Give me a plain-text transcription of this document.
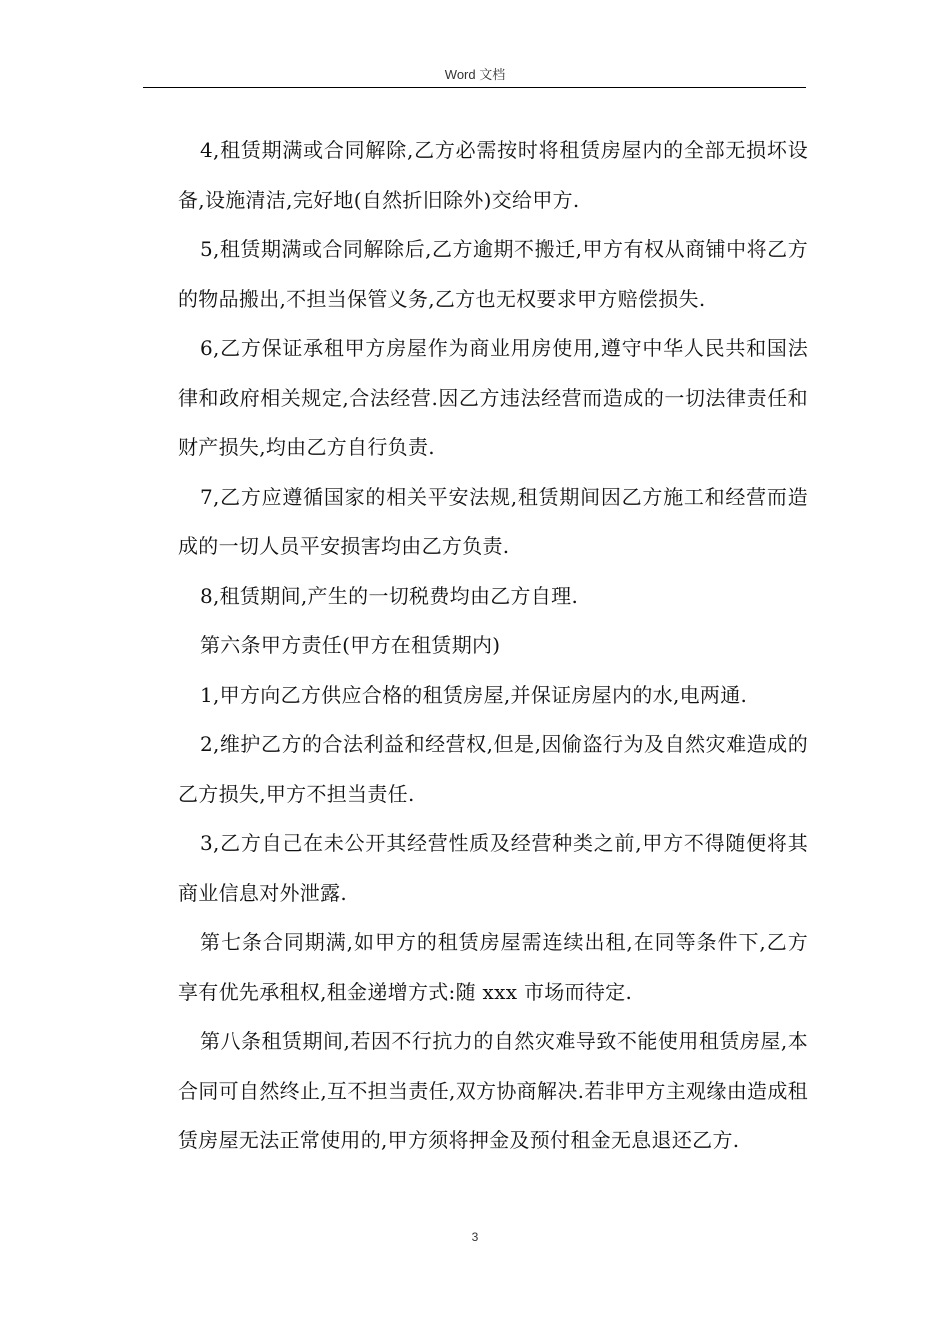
Word 文档

4,租赁期满或合同解除,乙方必需按时将租赁房屋内的全部无损坏设备,设施清洁,完好地(自然折旧除外)交给甲方.

5,租赁期满或合同解除后,乙方逾期不搬迁,甲方有权从商铺中将乙方的物品搬出,不担当保管义务,乙方也无权要求甲方赔偿损失.

6,乙方保证承租甲方房屋作为商业用房使用,遵守中华人民共和国法律和政府相关规定,合法经营.因乙方违法经营而造成的一切法律责任和财产损失,均由乙方自行负责.

7,乙方应遵循国家的相关平安法规,租赁期间因乙方施工和经营而造成的一切人员平安损害均由乙方负责.

8,租赁期间,产生的一切税费均由乙方自理.

第六条甲方责任(甲方在租赁期内)

1,甲方向乙方供应合格的租赁房屋,并保证房屋内的水,电两通.

2,维护乙方的合法利益和经营权,但是,因偷盗行为及自然灾难造成的乙方损失,甲方不担当责任.

3,乙方自己在未公开其经营性质及经营种类之前,甲方不得随便将其商业信息对外泄露.

第七条合同期满,如甲方的租赁房屋需连续出租,在同等条件下,乙方享有优先承租权,租金递增方式:随 xxx 市场而待定.

第八条租赁期间,若因不行抗力的自然灾难导致不能使用租赁房屋,本合同可自然终止,互不担当责任,双方协商解决.若非甲方主观缘由造成租赁房屋无法正常使用的,甲方须将押金及预付租金无息退还乙方.

3
